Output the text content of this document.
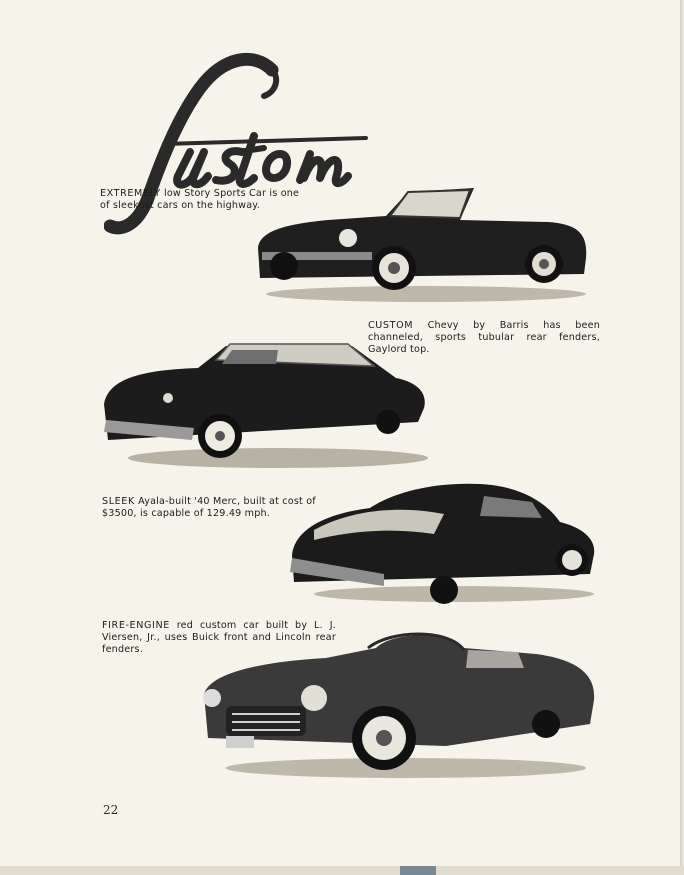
EXTREMELY low Story Sports Car is one of sleekest cars on the highway.

CUSTOM Chevy by Barris has been channeled, sports tubular rear fenders, Gaylord top.

SLEEK Ayala-built '40 Merc, built at cost of $3500, is capable of 129.49 mph.

FIRE-ENGINE red custom car built by L. J. Viersen, Jr., uses Buick front and Lincoln rear fenders.

22
